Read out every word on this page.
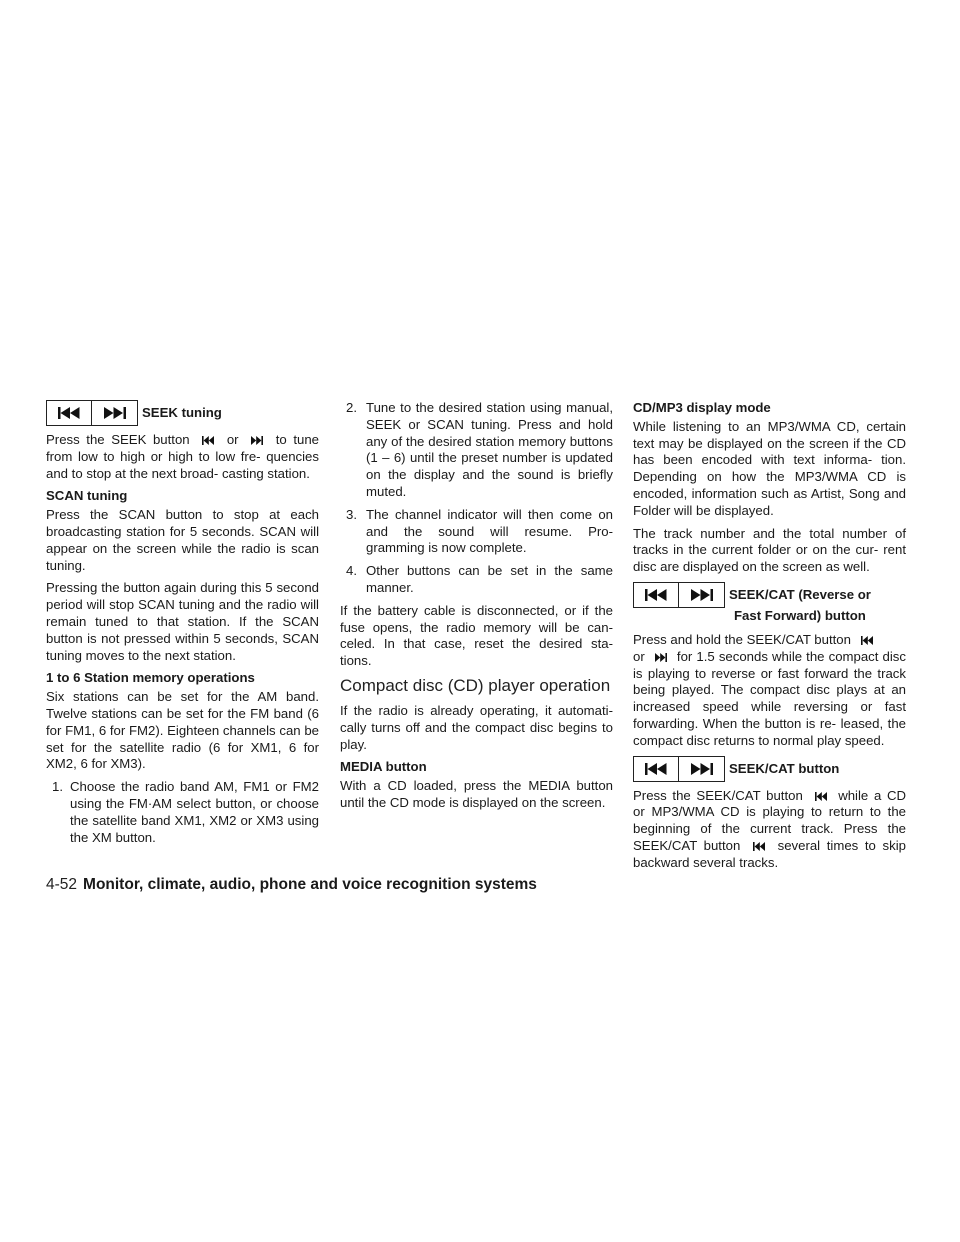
SEEK tuning

Press the SEEK button	or	to tune from low to high or high to low fre- quencies and to stop at the next broad- casting station.

SCAN tuning

Press the SCAN button to stop at each broadcasting station for 5 seconds. SCAN will appear on the screen while the radio is scan tuning.

Pressing the button again during this 5 second period will stop SCAN tuning and the radio will remain tuned to that station. If the SCAN button is not pressed within 5 seconds, SCAN tuning moves to the next station.

1 to 6 Station memory operations

Six stations can be set for the AM band. Twelve stations can be set for the FM band (6 for FM1, 6 for FM2). Eighteen channels can be set for the satellite radio (6 for XM1, 6 for XM2, 6 for XM3).

1. Choose the radio band AM, FM1 or FM2 using the FM·AM select button, or choose the satellite band XM1, XM2 or XM3 using the XM button.
2. Tune to the desired station using manual, SEEK or SCAN tuning. Press and hold any of the desired station memory buttons (1 – 6) until the preset number is updated on the display and the sound is briefly muted.
3. The channel indicator will then come on and the sound will resume. Pro- gramming is now complete.
4. Other buttons can be set in the same manner.

If the battery cable is disconnected, or if the fuse opens, the radio memory will be can- celed. In that case, reset the desired sta- tions.

Compact disc (CD) player operation

If the radio is already operating, it automati- cally turns off and the compact disc begins to play.

MEDIA button

With a CD loaded, press the MEDIA button until the CD mode is displayed on the screen.

CD/MP3 display mode

While listening to an MP3/WMA CD, certain text may be displayed on the screen if the CD has been encoded with text informa- tion. Depending on how the MP3/WMA CD is encoded, information such as Artist, Song and Folder will be displayed.

The track number and the total number of tracks in the current folder or on the cur- rent disc are displayed on the screen as well.

SEEK/CAT (Reverse or
Fast Forward) button

Press and hold the SEEK/CAT button
or for 1.5 seconds while the compact disc is playing to reverse or fast forward the track being played. The compact disc plays at an increased speed while reversing or fast forwarding. When the button is re- leased, the compact disc returns to normal play speed.

SEEK/CAT button

Press the SEEK/CAT button	while a CD or MP3/WMA CD is playing to return to the beginning of the current track. Press the SEEK/CAT button	several times to skip backward several tracks.

4-52 Monitor, climate, audio, phone and voice recognition systems
